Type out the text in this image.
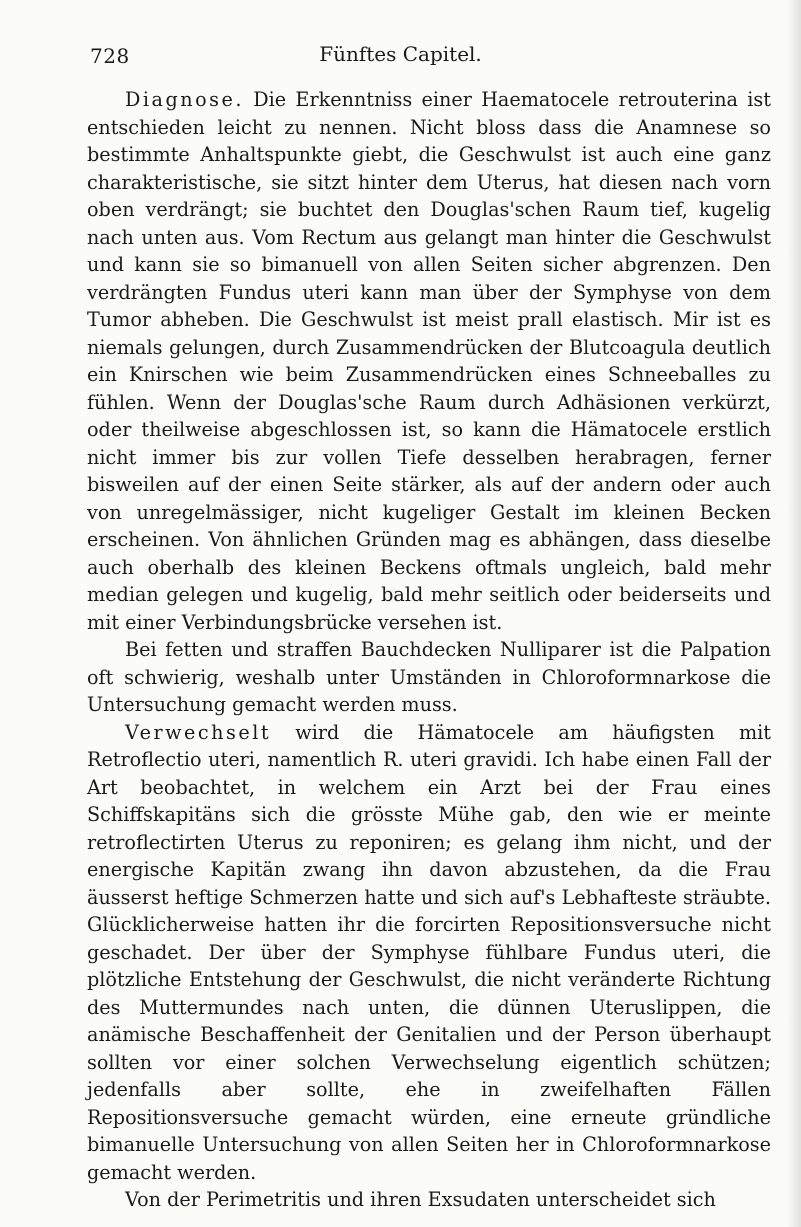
728	Fünftes Capitel.

Diagnose. Die Erkenntniss einer Haematocele retrouterina ist entschieden leicht zu nennen. Nicht bloss dass die Anamnese so bestimmte Anhaltspunkte giebt, die Geschwulst ist auch eine ganz charakteristische, sie sitzt hinter dem Uterus, hat diesen nach vorn oben verdrängt; sie buchtet den Douglas'schen Raum tief, kugelig nach unten aus. Vom Rectum aus gelangt man hinter die Geschwulst und kann sie so bimanuell von allen Seiten sicher abgrenzen. Den verdrängten Fundus uteri kann man über der Symphyse von dem Tumor abheben. Die Geschwulst ist meist prall elastisch. Mir ist es niemals gelungen, durch Zusammendrücken der Blutcoagula deutlich ein Knirschen wie beim Zusammendrücken eines Schneeballes zu fühlen. Wenn der Douglas'sche Raum durch Adhäsionen verkürzt, oder theilweise abgeschlossen ist, so kann die Hämatocele erstlich nicht immer bis zur vollen Tiefe desselben herabragen, ferner bisweilen auf der einen Seite stärker, als auf der andern oder auch von unregelmässiger, nicht kugeliger Gestalt im kleinen Becken erscheinen. Von ähnlichen Gründen mag es abhängen, dass dieselbe auch oberhalb des kleinen Beckens oftmals ungleich, bald mehr median gelegen und kugelig, bald mehr seitlich oder beiderseits und mit einer Verbindungsbrücke versehen ist.

Bei fetten und straffen Bauchdecken Nulliparer ist die Palpation oft schwierig, weshalb unter Umständen in Chloroformnarkose die Untersuchung gemacht werden muss.

Verwechselt wird die Hämatocele am häufigsten mit Retroflectio uteri, namentlich R. uteri gravidi. Ich habe einen Fall der Art beobachtet, in welchem ein Arzt bei der Frau eines Schiffskapitäns sich die grösste Mühe gab, den wie er meinte retroflectirten Uterus zu reponiren; es gelang ihm nicht, und der energische Kapitän zwang ihn davon abzustehen, da die Frau äusserst heftige Schmerzen hatte und sich auf's Lebhafteste sträubte. Glücklicherweise hatten ihr die forcirten Repositionsversuche nicht geschadet. Der über der Symphyse fühlbare Fundus uteri, die plötzliche Entstehung der Geschwulst, die nicht veränderte Richtung des Muttermundes nach unten, die dünnen Uteruslippen, die anämische Beschaffenheit der Genitalien und der Person überhaupt sollten vor einer solchen Verwechselung eigentlich schützen; jedenfalls aber sollte, ehe in zweifelhaften Fällen Repositionsversuche gemacht würden, eine erneute gründliche bimanuelle Untersuchung von allen Seiten her in Chloroformnarkose gemacht werden.

Von der Perimetritis und ihren Exsudaten unterscheidet sich
